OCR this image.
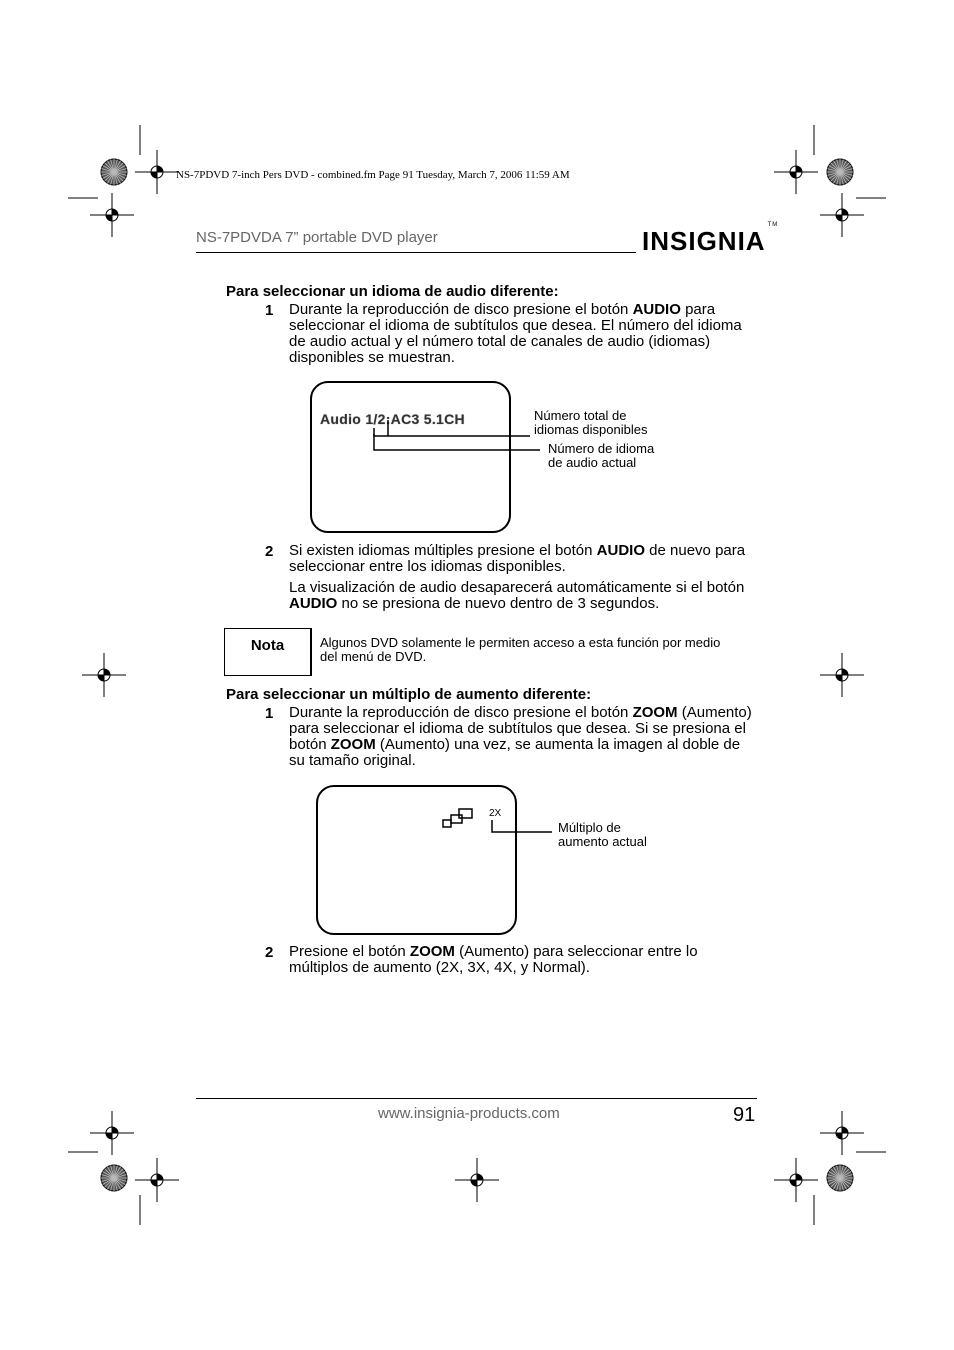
NS-7PDVD 7-inch Pers DVD - combined.fm Page 91 Tuesday, March 7, 2006 11:59 AM
NS-7PDVDA 7” portable DVD player	INSIGNIA™
Para seleccionar un idioma de audio diferente:
1 Durante la reproducción de disco presione el botón AUDIO para seleccionar el idioma de subtítulos que desea. El número del idioma de audio actual y el número total de canales de audio (idiomas) disponibles se muestran.

Audio 1/2:AC3 5.1CH	Número total de
idiomas disponibles
Número de idioma
de audio actual
2 Si existen idiomas múltiples presione el botón AUDIO de nuevo para seleccionar entre los idiomas disponibles.

La visualización de audio desaparecerá automáticamente si el botón AUDIO no se presiona de nuevo dentro de 3 segundos.

Nota	Algunos DVD solamente le permiten acceso a esta función por medio del menú de DVD.
Para seleccionar un múltiplo de aumento diferente:
1 Durante la reproducción de disco presione el botón ZOOM (Aumento) para seleccionar el idioma de subtítulos que desea. Si se presiona el botón ZOOM (Aumento) una vez, se aumenta la imagen al doble de su tamaño original.

2X
Múltiplo de
aumento actual
2 Presione el botón ZOOM (Aumento) para seleccionar entre lo múltiplos de aumento (2X, 3X, 4X, y Normal).

www.insignia-products.com	91
